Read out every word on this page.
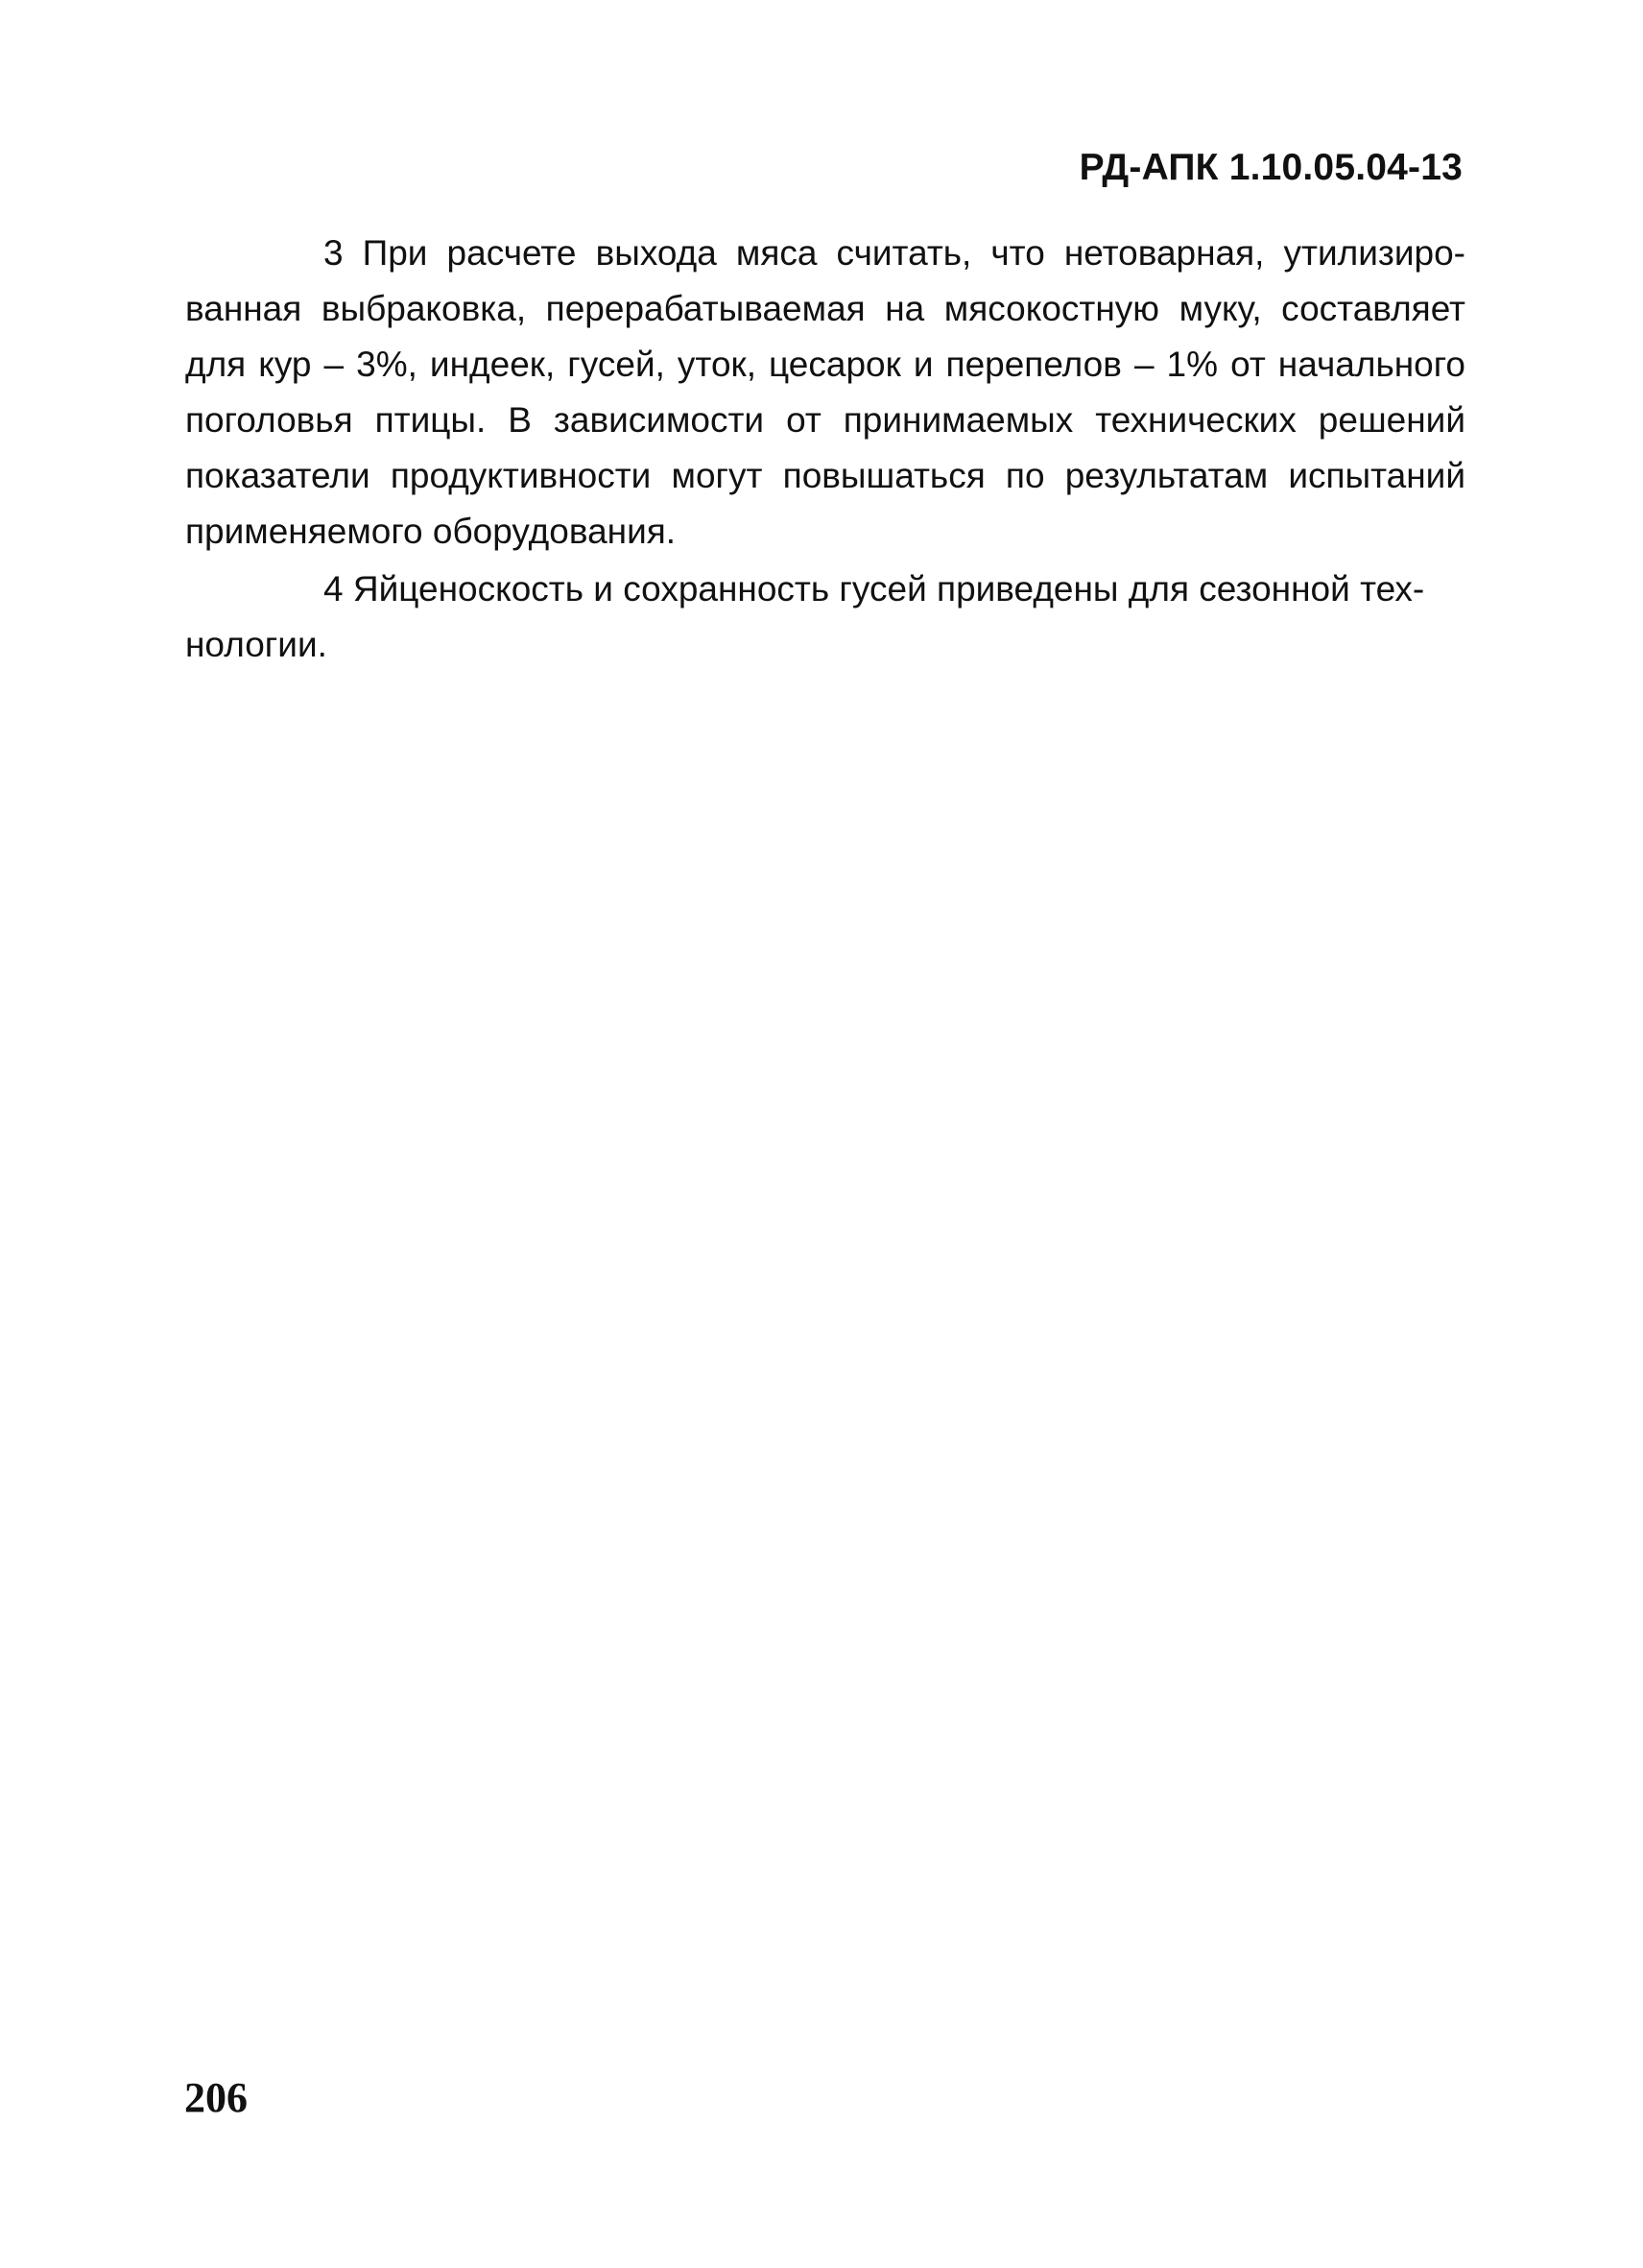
РД-АПК 1.10.05.04-13

3 При расчете выхода мяса считать, что нетоварная, утилизированная выбраковка, перерабатываемая на мясокостную муку, составляет для кур – 3%, индеек, гусей, уток, цесарок и перепелов – 1% от начального поголовья птицы. В зависимости от принимаемых технических решений показатели продуктивности могут повышаться по результатам испытаний применяемого оборудования.

4 Яйценоскость и сохранность гусей приведены для сезонной технологии.

206
